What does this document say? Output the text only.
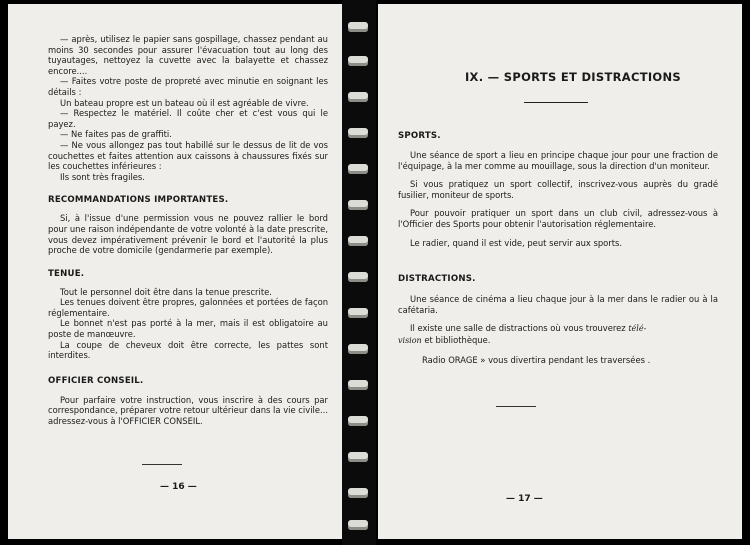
— après, utilisez le papier sans gospillage, chassez pendant au moins 30 secondes pour assurer l'évacuation tout au long des tuyautages, nettoyez la cuvette avec la balayette et chassez encore....

— Faites votre poste de propreté avec minutie en soignant les détails :

Un bateau propre est un bateau où il est agréable de vivre.

— Respectez le matériel. Il coûte cher et c'est vous qui le payez.

— Ne faites pas de graffiti.

— Ne vous allongez pas tout habillé sur le dessus de lit de vos couchettes et faites attention aux caissons à chaussures fixés sur les couchettes inférieures :

Ils sont très fragiles.

RECOMMANDATIONS IMPORTANTES.

Si, à l'issue d'une permission vous ne pouvez rallier le bord pour une raison indépendante de votre volonté à la date prescrite, vous devez impérativement prévenir le bord et l'autorité la plus proche de votre domicile (gendarmerie par exemple).

TENUE.

Tout le personnel doit être dans la tenue prescrite.

Les tenues doivent être propres, galonnées et portées de façon réglementaire.

Le bonnet n'est pas porté à la mer, mais il est obligatoire au poste de manœuvre.

La coupe de cheveux doit être correcte, les pattes sont interdites.

OFFICIER CONSEIL.

Pour parfaire votre instruction, vous inscrire à des cours par correspondance, préparer votre retour ultérieur dans la vie civile... adressez-vous à l'OFFICIER CONSEIL.

— 16 —
IX. — SPORTS ET DISTRACTIONS
SPORTS.

Une séance de sport a lieu en principe chaque jour pour une fraction de l'équipage, à la mer comme au mouillage, sous la direction d'un moniteur.

Si vous pratiquez un sport collectif, inscrivez-vous auprès du gradé fusilier, moniteur de sports.

Pour pouvoir pratiquer un sport dans un club civil, adressez-vous à l'Officier des Sports pour obtenir l'autorisation réglementaire.

Le radier, quand il est vide, peut servir aux sports.

DISTRACTIONS.

Une séance de cinéma a lieu chaque jour à la mer dans le radier ou à la cafétaria.

Il existe une salle de distractions où vous trouverez télé-
vision et bibliothèque.

Radio ORAGE » vous divertira pendant les traversées .

— 17 —
